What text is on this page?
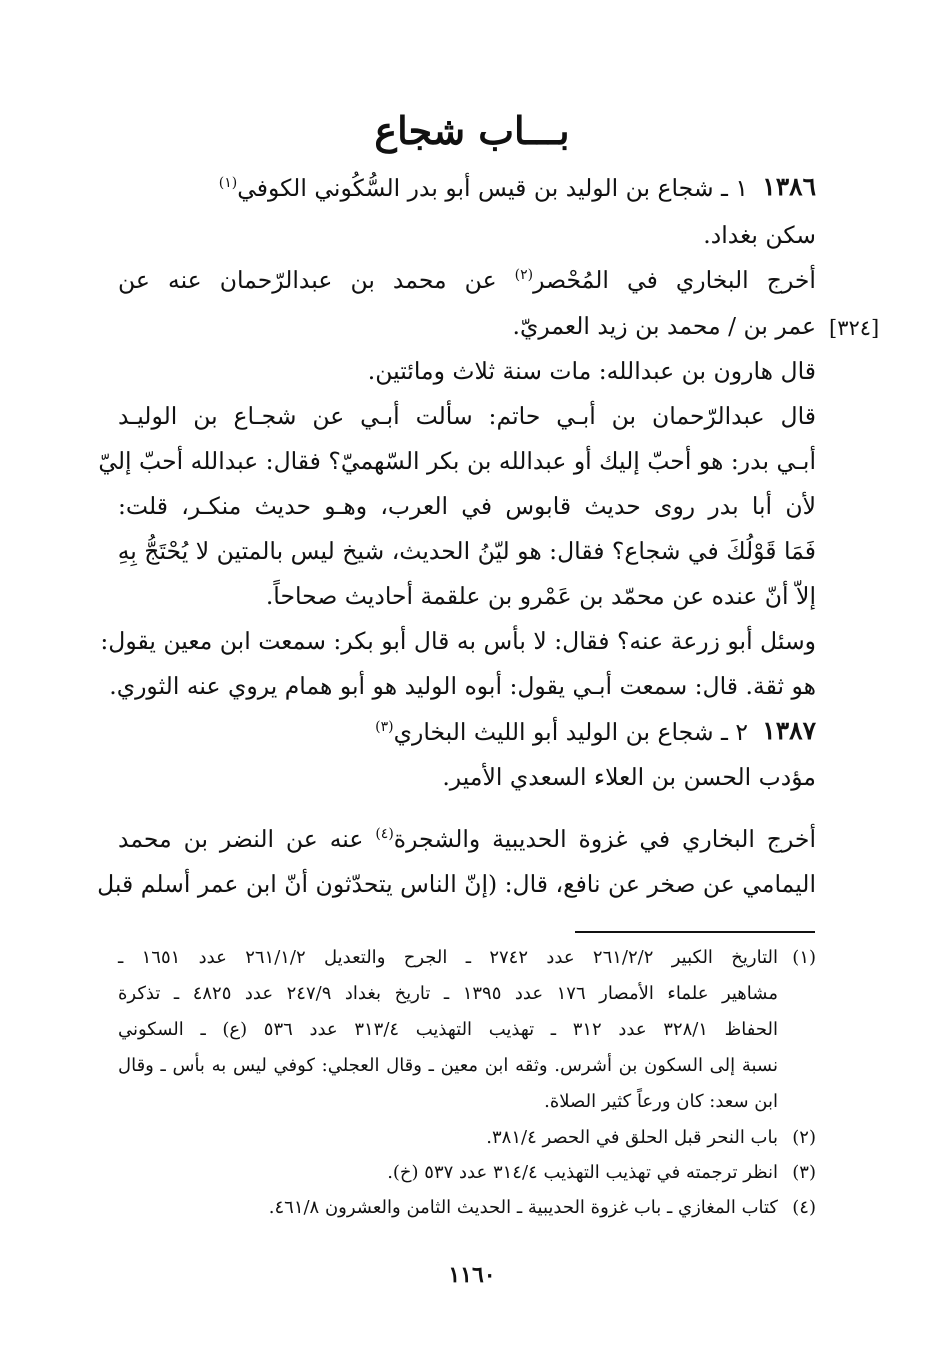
بـــاب شجاع
١٣٨٦
١ ـ شجاع بن الوليد بن قيس أبو بدر السُّكُوني الكوفي$^{(١)}$
سكن بغداد.
أخرج البخاري في المُحْصر$^{(٢)}$ عن محمد بن عبدالرّحمان عنه عن
عمر بن / محمد بن زيد العمريّ. [٣٢٤]
قال هارون بن عبدالله: مات سنة ثلاث ومائتين.
قال عبدالرّحمان بن أبـي حاتم: سألت أبـي عن شجـاع بن الوليـد
أبـي بدر: هو أحبّ إليك أو عبدالله بن بكر السّهميّ؟ فقال: عبدالله أحبّ إليّ
لأن أبا بدر روى حديث قابوس في العرب، وهـو حديث منكـر، قلت:
فَمَا قَوْلُكَ في شجاع؟ فقال: هو ليّنُ الحديث، شيخ ليس بالمتين لا يُحْتَجُّ بِهِ
إلاّ أنّ عنده عن محمّد بن عَمْرو بن علقمة أحاديث صحاحاً.
وسئل أبو زرعة عنه؟ فقال: لا بأس به قال أبو بكر: سمعت ابن معين يقول:
هو ثقة. قال: سمعت أبـي يقول: أبوه الوليد هو أبو همام يروي عنه الثوري.
١٣٨٧
٢ ـ شجاع بن الوليد أبو الليث البخاري$^{(٣)}$
مؤدب الحسن بن العلاء السعدي الأمير.
أخرج البخاري في غزوة الحديبية والشجرة$^{(٤)}$ عنه عن النضر بن محمد
اليمامي عن صخر عن نافع، قال: (إنّ الناس يتحدّثون أنّ ابن عمر أسلم قبل
(١)التاريخ الكبير ٢٦١/٢/٢ عدد ٢٧٤٢ ـ الجرح والتعديل ٢٦١/١/٢ عدد ١٦٥١ ـ
مشاهير علماء الأمصار ١٧٦ عدد ١٣٩٥ ـ تاريخ بغداد ٢٤٧/٩ عدد ٤٨٢٥ ـ تذكرة
الحفاظ ٣٢٨/١ عدد ٣١٢ ـ تهذيب التهذيب ٣١٣/٤ عدد ٥٣٦ (ع) ـ السكوني
نسبة إلى السكون بن أشرس. وثقه ابن معين ـ وقال العجلي: كوفي ليس به بأس ـ وقال
ابن سعد: كان ورعاً كثير الصلاة.
(٢)باب النحر قبل الحلق في الحصر ٣٨١/٤.
(٣)انظر ترجمته في تهذيب التهذيب ٣١٤/٤ عدد ٥٣٧ (خ).
(٤)كتاب المغازي ـ باب غزوة الحديبية ـ الحديث الثامن والعشرون ٤٦١/٨.
١١٦٠
